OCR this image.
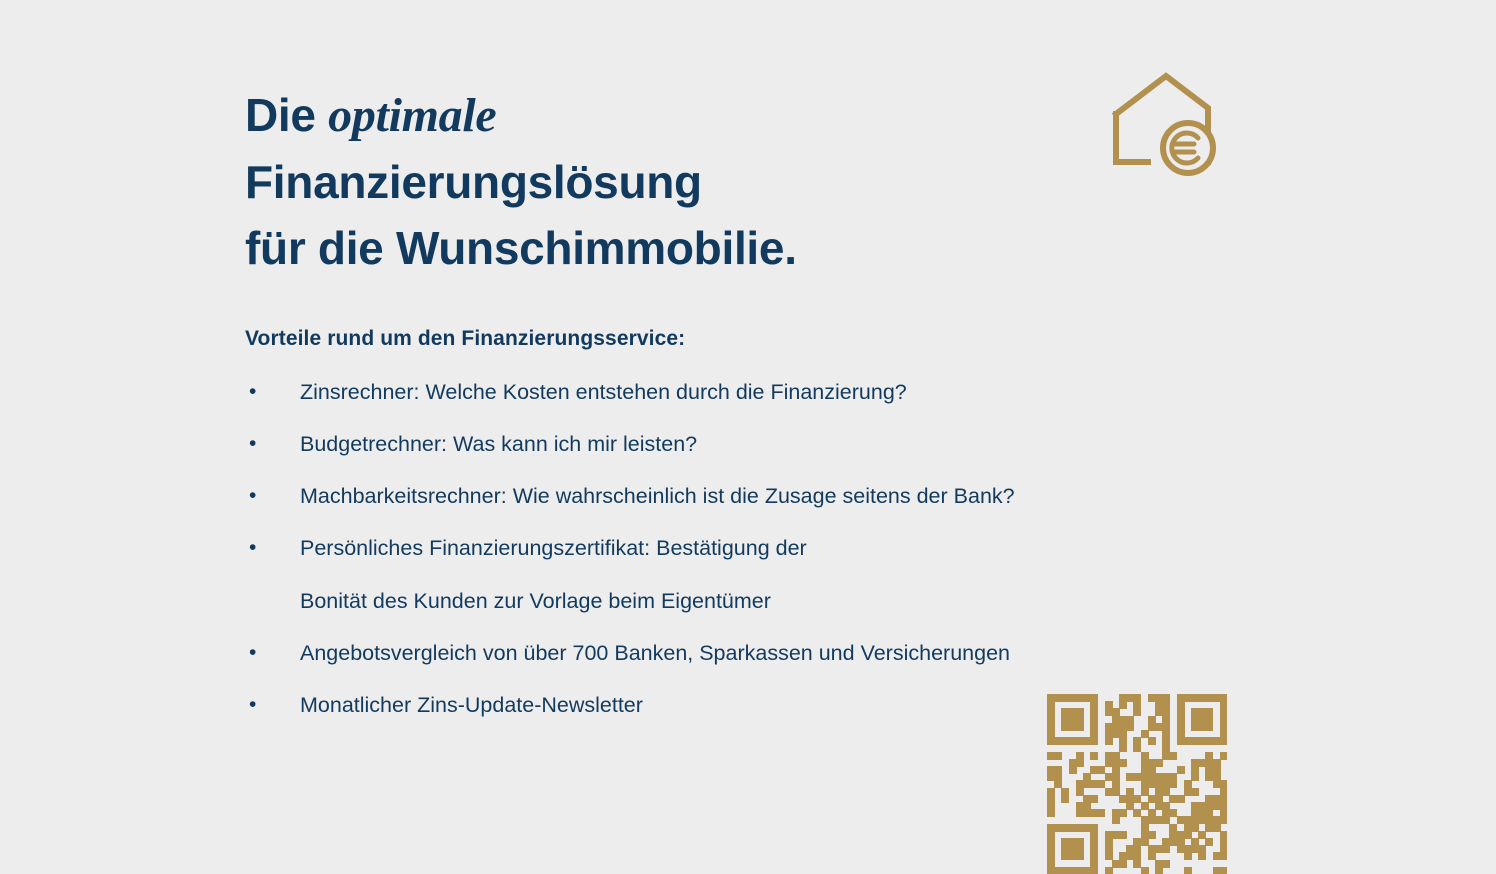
Die optimale
Finanzierungslösung
für die Wunschimmobilie.
Vorteile rund um den Finanzierungsservice:
• Zinsrechner: Welche Kosten entstehen durch die Finanzierung?
• Budgetrechner: Was kann ich mir leisten?
• Machbarkeitsrechner: Wie wahrscheinlich ist die Zusage seitens der Bank?
• Persönliches Finanzierungszertifikat: Bestätigung der
Bonität des Kunden zur Vorlage beim Eigentümer
• Angebotsvergleich von über 700 Banken, Sparkassen und Versicherungen
• Monatlicher Zins-Update-Newsletter
